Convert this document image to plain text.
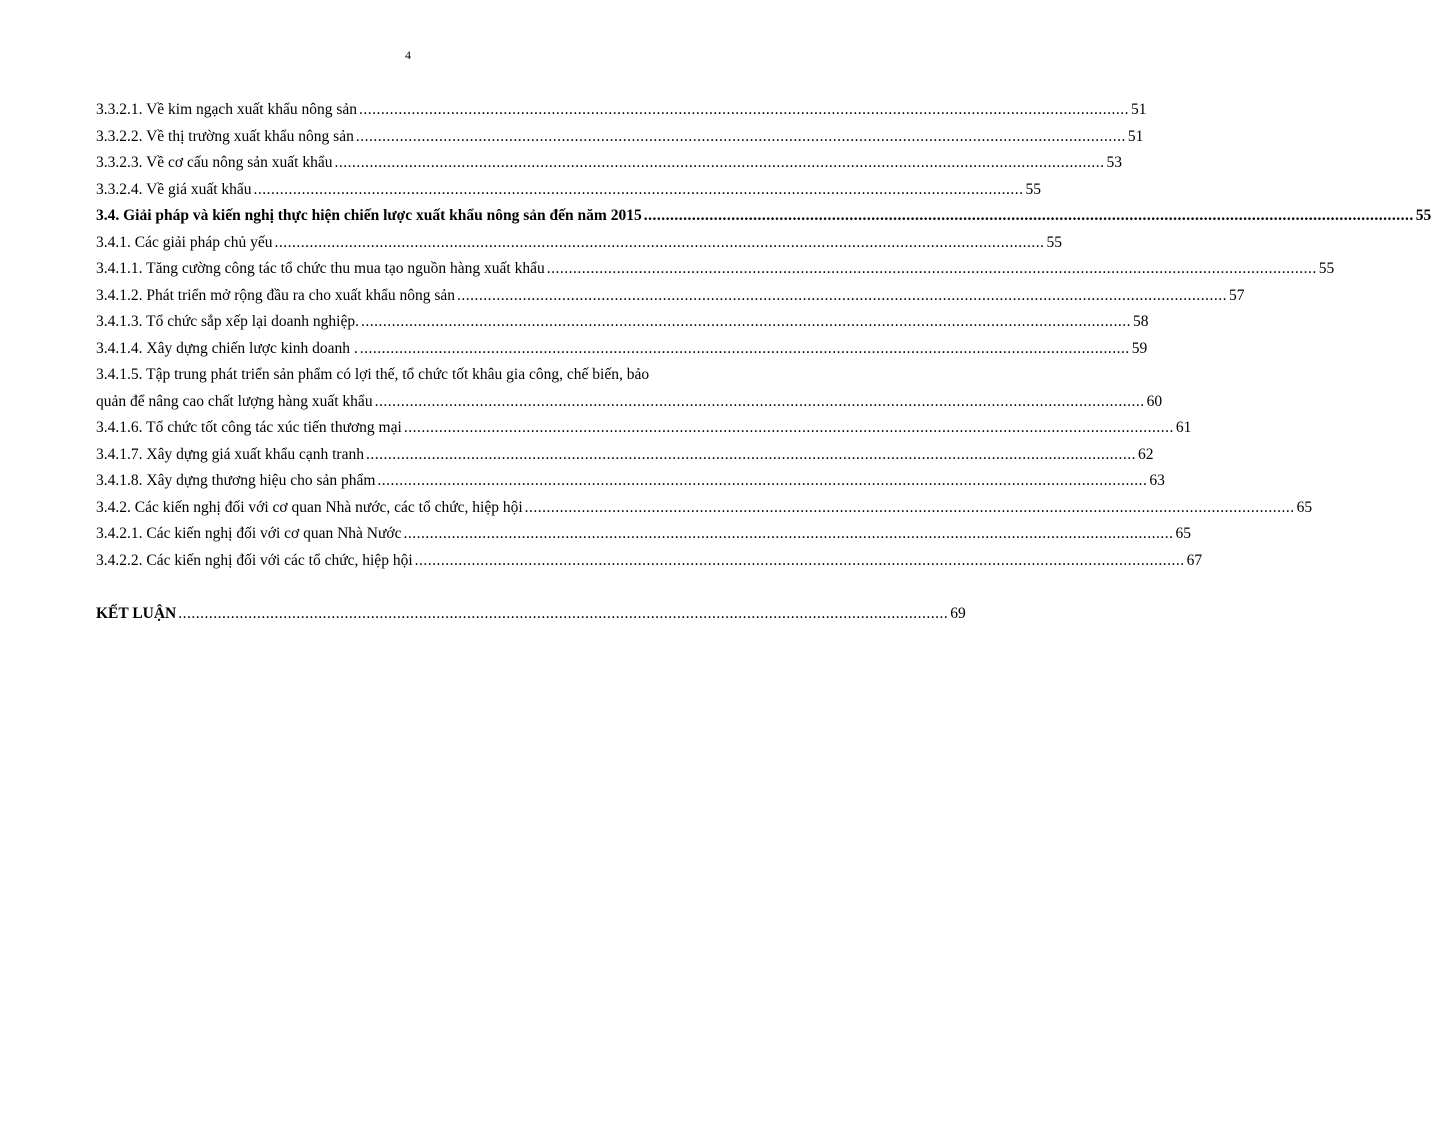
4
3.3.2.1. Về kim ngạch xuất khẩu nông sản ................................................................................................................................................................................ 51
3.3.2.2. Về thị trường xuất khẩu nông sản ................................................................................................................................................................................ 51
3.3.2.3. Về cơ cấu nông sản xuất khẩu ................................................................................................................................................................................ 53
3.3.2.4. Về giá xuất khẩu ................................................................................................................................................................................ 55
3.4. Giải pháp và kiến nghị thực hiện chiến lược xuất khẩu nông sản đến năm 2015 ................................................................................................................................................................................ 55
3.4.1. Các giải pháp chủ yếu ................................................................................................................................................................................ 55
3.4.1.1. Tăng cường công tác tổ chức thu mua tạo nguồn hàng xuất khẩu ................................................................................................................................................................................ 55
3.4.1.2. Phát triển mở rộng đầu ra cho xuất khẩu nông sản ................................................................................................................................................................................ 57
3.4.1.3. Tổ chức sắp xếp lại doanh nghiệp. ................................................................................................................................................................................ 58
3.4.1.4. Xây dựng chiến lược kinh doanh . ................................................................................................................................................................................ 59
3.4.1.5. Tập trung phát triển sản phẩm có lợi thế, tổ chức tốt khâu gia công, chế biến, bảo
quản để nâng cao chất lượng hàng xuất khẩu ................................................................................................................................................................................ 60
3.4.1.6. Tổ chức tốt công tác xúc tiến thương mại ................................................................................................................................................................................ 61
3.4.1.7. Xây dựng giá xuất khẩu cạnh tranh ................................................................................................................................................................................ 62
3.4.1.8. Xây dựng thương hiệu cho sản phẩm ................................................................................................................................................................................ 63
3.4.2. Các kiến nghị đối với cơ quan Nhà nước, các tổ chức, hiệp hội ................................................................................................................................................................................ 65
3.4.2.1. Các kiến nghị đối với cơ quan Nhà Nước ................................................................................................................................................................................ 65
3.4.2.2. Các kiến nghị đối với các tổ chức, hiệp hội ................................................................................................................................................................................ 67
KẾT LUẬN ................................................................................................................................................................................ 69
